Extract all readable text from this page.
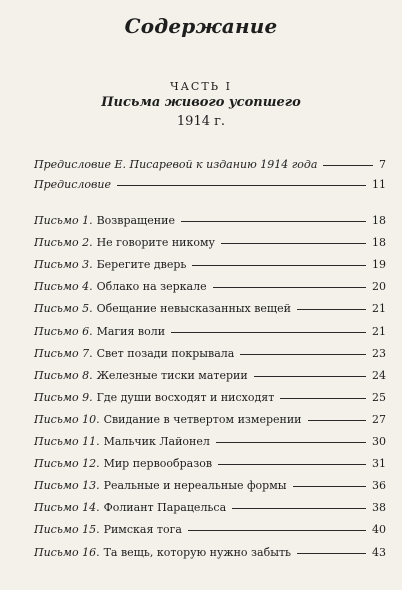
Содержание
ЧАСТЬ I
Письма живого усопшего
1914 г.
Предисловие Е. Писаревой к изданию 1914 года	7
Предисловие	11
Письмо 1. Возвращение	18
Письмо 2. Не говорите никому	18
Письмо 3. Берегите дверь	19
Письмо 4. Облако на зеркале	20
Письмо 5. Обещание невысказанных вещей	21
Письмо 6. Магия воли	21
Письмо 7. Свет позади покрывала	23
Письмо 8. Железные тиски материи	24
Письмо 9. Где души восходят и нисходят	25
Письмо 10. Свидание в четвертом измерении	27
Письмо 11. Мальчик Лайонел	30
Письмо 12. Мир первообразов	31
Письмо 13. Реальные и нереальные формы	36
Письмо 14. Фолиант Парацельса	38
Письмо 15. Римская тога	40
Письмо 16. Та вещь, которую нужно забыть	43
